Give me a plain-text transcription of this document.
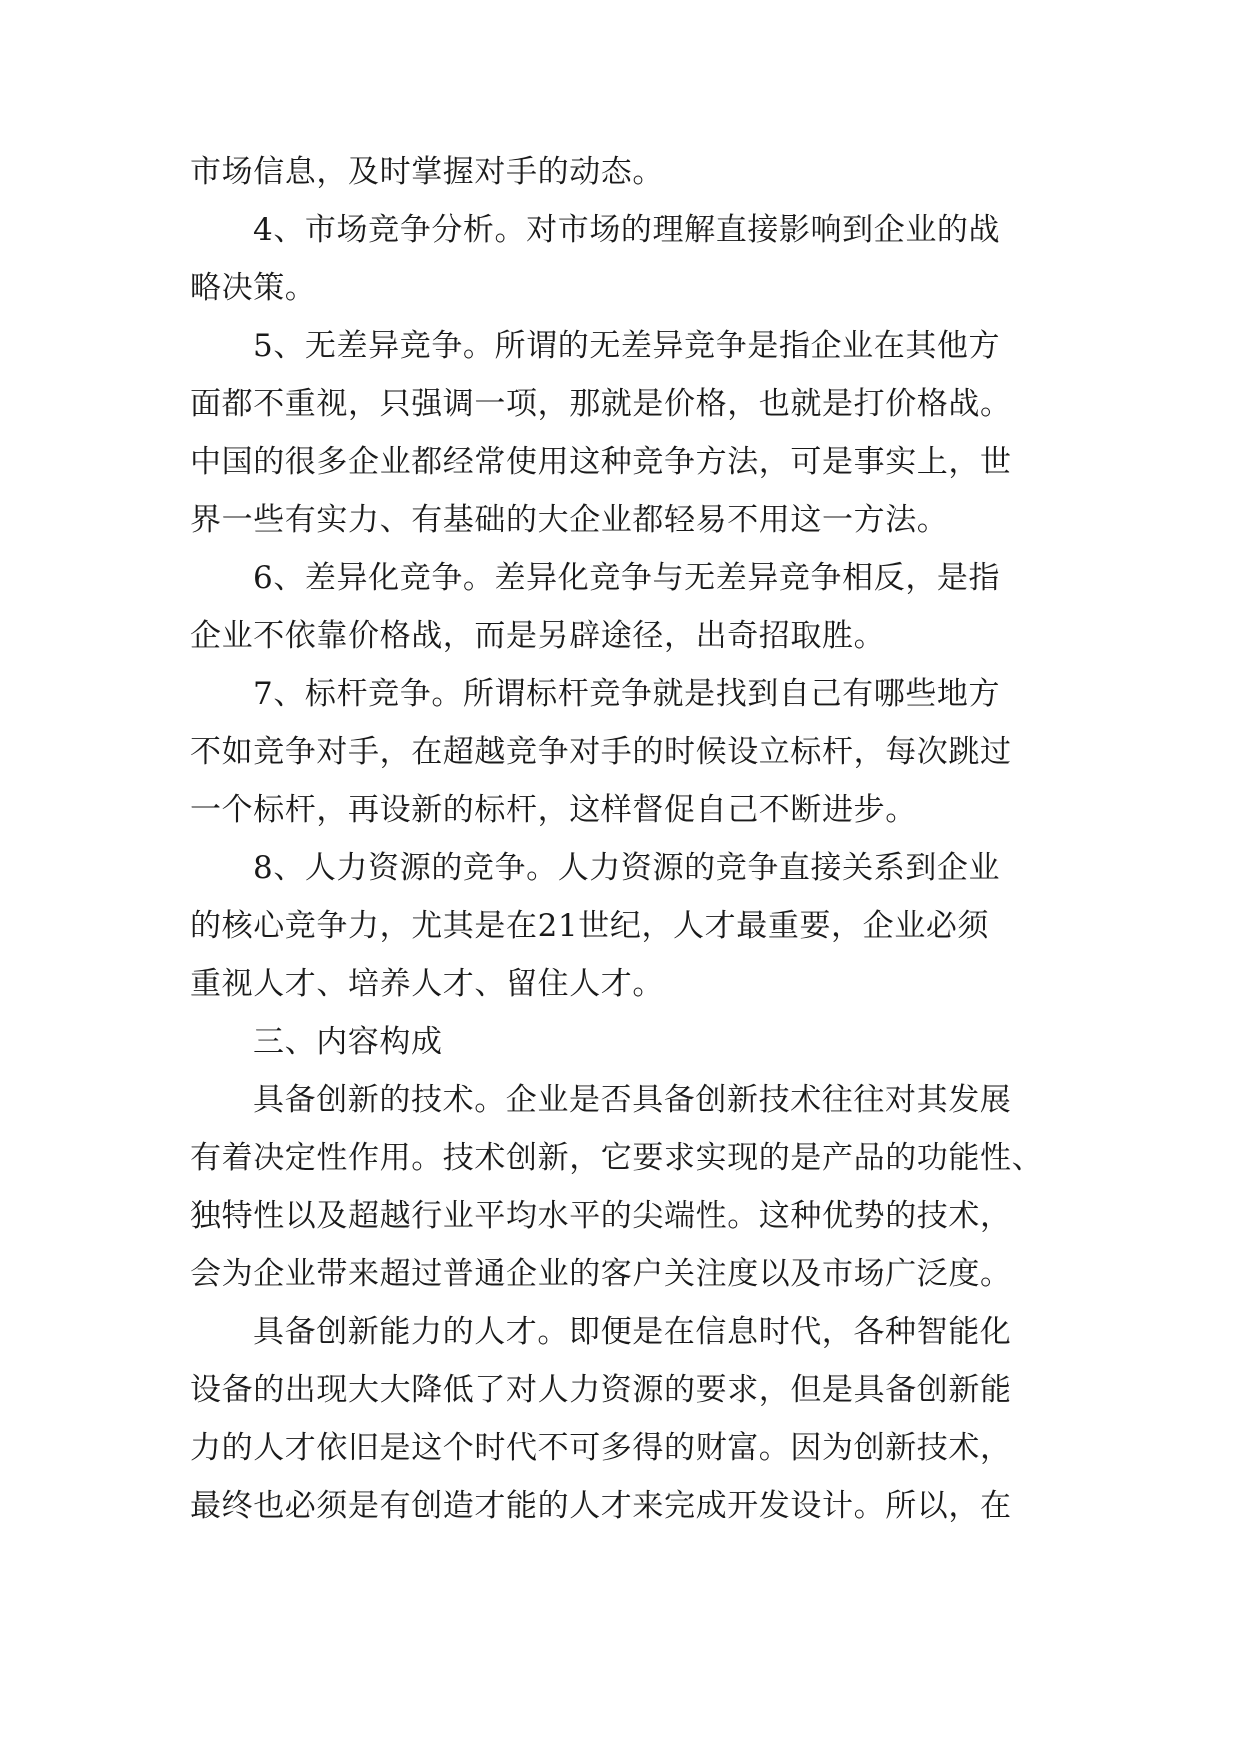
市场信息，及时掌握对手的动态。
4、市场竞争分析。对市场的理解直接影响到企业的战
略决策。
5、无差异竞争。所谓的无差异竞争是指企业在其他方
面都不重视，只强调一项，那就是价格，也就是打价格战。
中国的很多企业都经常使用这种竞争方法，可是事实上，世
界一些有实力、有基础的大企业都轻易不用这一方法。
6、差异化竞争。差异化竞争与无差异竞争相反，是指
企业不依靠价格战，而是另辟途径，出奇招取胜。
7、标杆竞争。所谓标杆竞争就是找到自己有哪些地方
不如竞争对手，在超越竞争对手的时候设立标杆，每次跳过
一个标杆，再设新的标杆，这样督促自己不断进步。
8、人力资源的竞争。人力资源的竞争直接关系到企业
的核心竞争力，尤其是在21世纪，人才最重要，企业必须
重视人才、培养人才、留住人才。
三、内容构成
具备创新的技术。企业是否具备创新技术往往对其发展
有着决定性作用。技术创新，它要求实现的是产品的功能性、
独特性以及超越行业平均水平的尖端性。这种优势的技术，
会为企业带来超过普通企业的客户关注度以及市场广泛度。
具备创新能力的人才。即便是在信息时代，各种智能化
设备的出现大大降低了对人力资源的要求，但是具备创新能
力的人才依旧是这个时代不可多得的财富。因为创新技术，
最终也必须是有创造才能的人才来完成开发设计。所以，在
